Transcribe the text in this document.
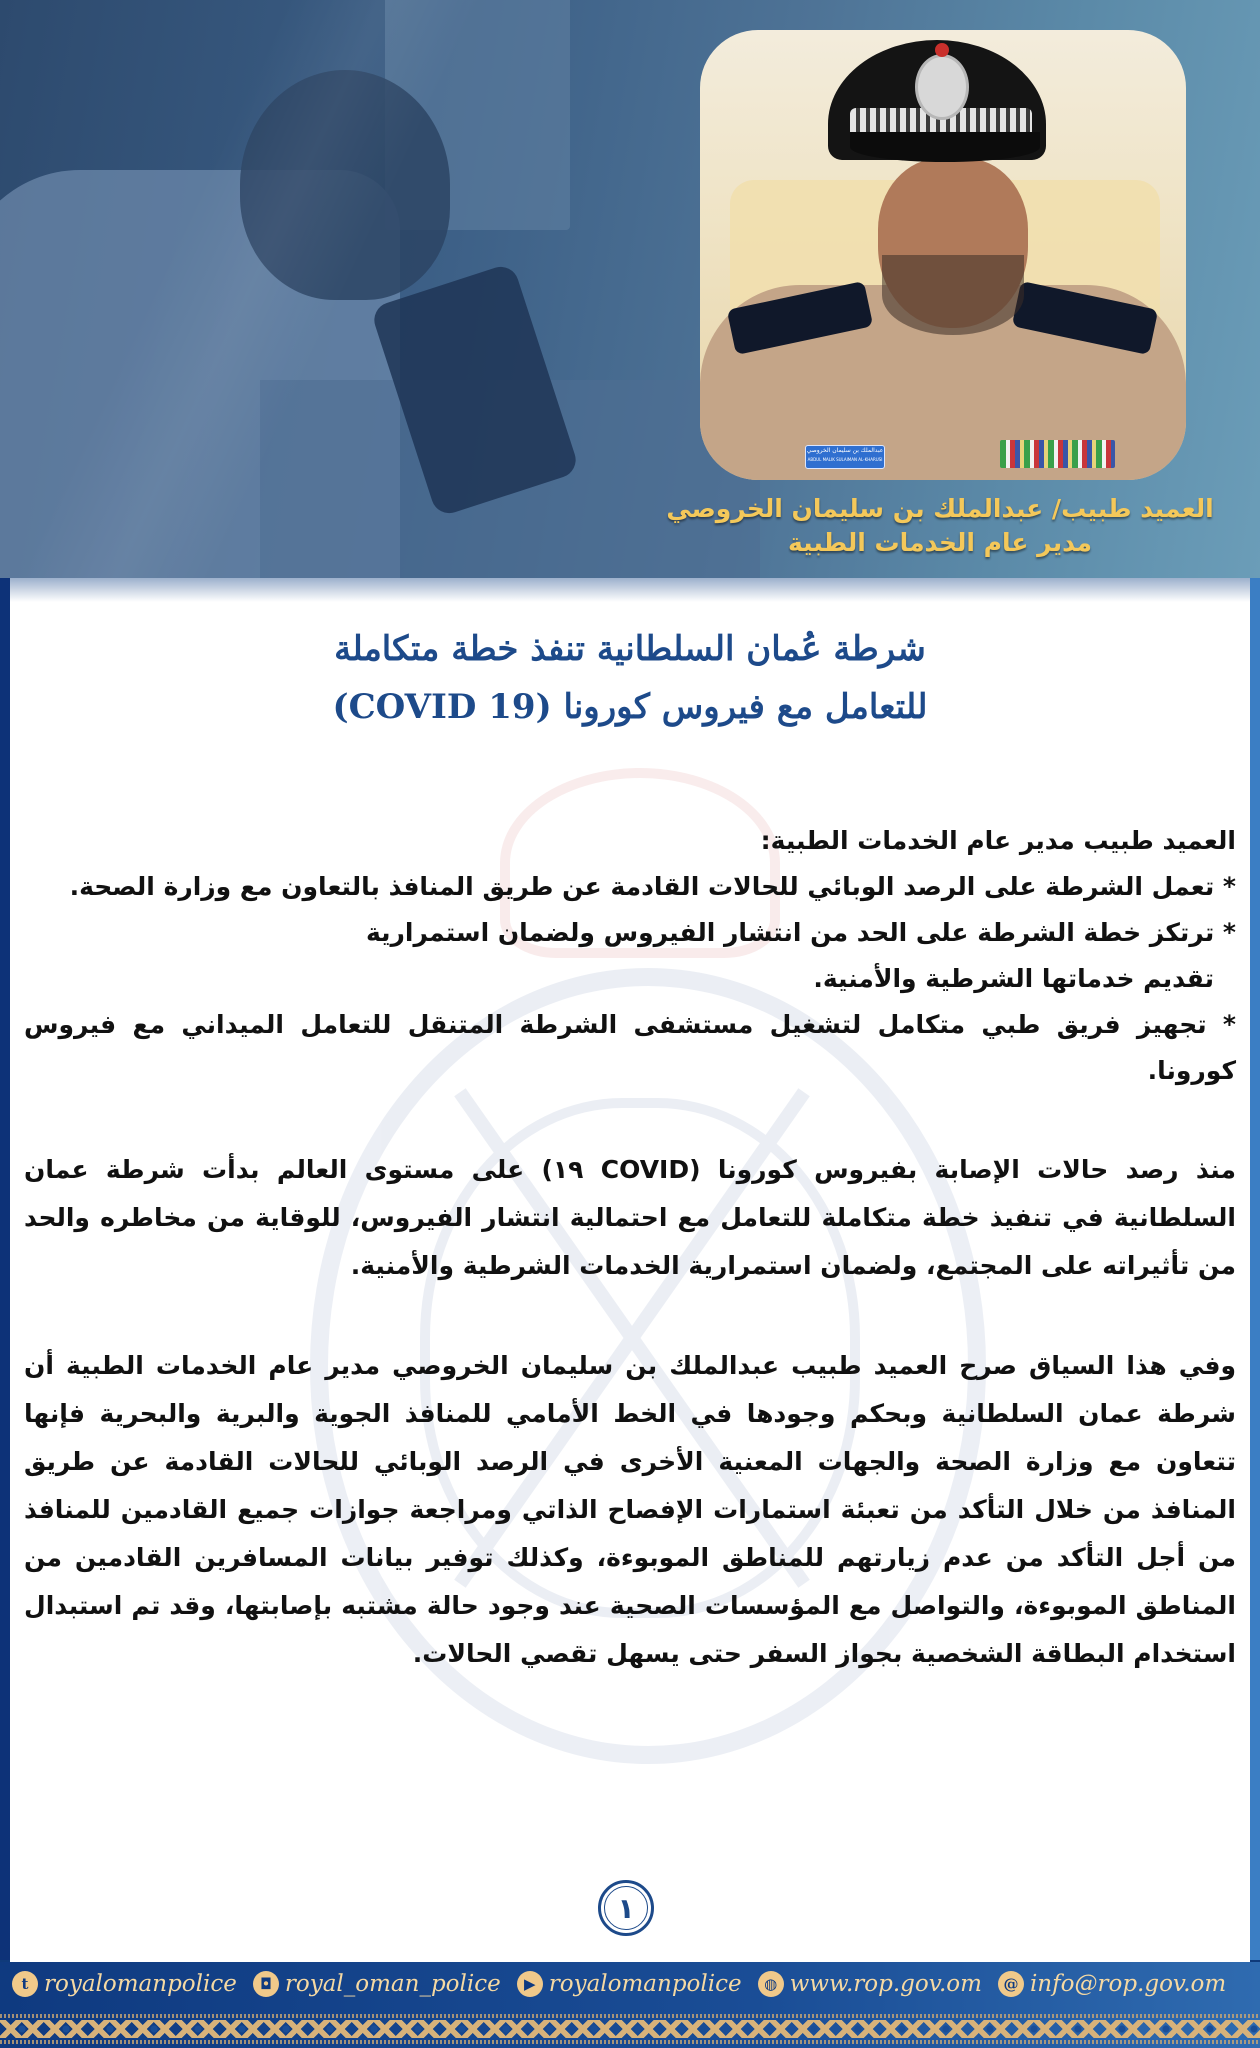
عبدالملك بن سليمان الخروصي
ABDUL MALIK SULAIMAN AL-KHARUSI
العميد طبيب/ عبدالملك بن سليمان الخروصي
مدير عام الخدمات الطبية
شرطة عُمان السلطانية تنفذ خطة متكاملة
للتعامل مع فيروس كورونا (COVID 19)

العميد طبيب مدير عام الخدمات الطبية:

* تعمل الشرطة على الرصد الوبائي للحالات القادمة عن طريق المنافذ بالتعاون مع وزارة الصحة.

* ترتكز خطة الشرطة على الحد من انتشار الفيروس ولضمان استمرارية

تقديم خدماتها الشرطية والأمنية.

* تجهيز فريق طبي متكامل لتشغيل مستشفى الشرطة المتنقل للتعامل الميداني مع فيروس كورونا.

منذ رصد حالات الإصابة بفيروس كورونا (COVID ١٩) على مستوى العالم بدأت شرطة عمان السلطانية في تنفيذ خطة متكاملة للتعامل مع احتمالية انتشار الفيروس، للوقاية من مخاطره والحد من تأثيراته على المجتمع، ولضمان استمرارية الخدمات الشرطية والأمنية.

وفي هذا السياق صرح العميد طبيب عبدالملك بن سليمان الخروصي مدير عام الخدمات الطبية أن شرطة عمان السلطانية وبحكم وجودها في الخط الأمامي للمنافذ الجوية والبرية والبحرية فإنها تتعاون مع وزارة الصحة والجهات المعنية الأخرى في الرصد الوبائي للحالات القادمة عن طريق المنافذ من خلال التأكد من تعبئة استمارات الإفصاح الذاتي ومراجعة جوازات جميع القادمين للمنافذ من أجل التأكد من عدم زيارتهم للمناطق الموبوءة، وكذلك توفير بيانات المسافرين القادمين من المناطق الموبوءة، والتواصل مع المؤسسات الصحية عند وجود حالة مشتبه بإصابتها، وقد تم استبدال استخدام البطاقة الشخصية بجواز السفر حتى يسهل تقصي الحالات.

١
t royalomanpolice	◘ royal_oman_police	▶ royalomanpolice	◍ www.rop.gov.om	@ info@rop.gov.om
